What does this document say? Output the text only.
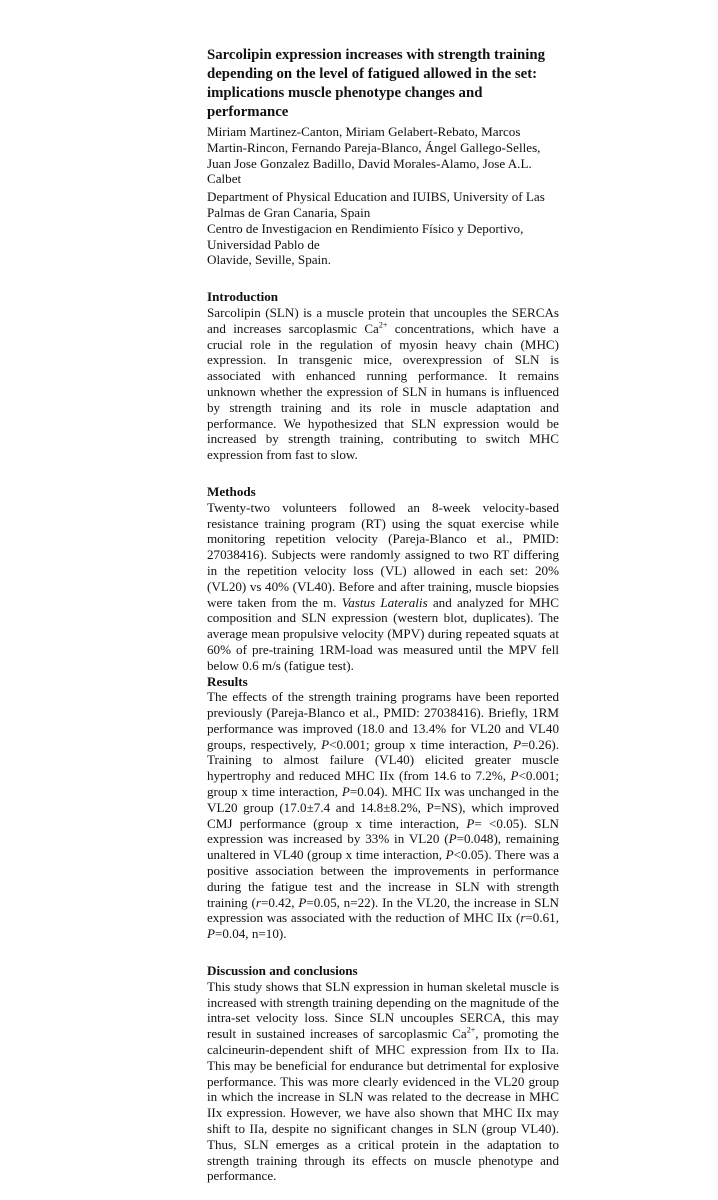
Sarcolipin expression increases with strength training depending on the level of fatigued allowed in the set: implications muscle phenotype changes and performance

Miriam Martinez-Canton, Miriam Gelabert-Rebato, Marcos Martin-Rincon, Fernando Pareja-Blanco, Ángel Gallego-Selles, Juan Jose Gonzalez Badillo, David Morales-Alamo, Jose A.L. Calbet

Department of Physical Education and IUIBS, University of Las Palmas de Gran Canaria, Spain

Centro de Investigacion en Rendimiento Físico y Deportivo, Universidad Pablo de

Olavide, Seville, Spain.

Introduction

Sarcolipin (SLN) is a muscle protein that uncouples the SERCAs and increases sarcoplasmic $Ca^{2+}$ concentrations, which have a crucial role in the regulation of myosin heavy chain (MHC) expression. In transgenic mice, overexpression of SLN is associated with enhanced running performance. It remains unknown whether the expression of SLN in humans is influenced by strength training and its role in muscle adaptation and performance. We hypothesized that SLN expression would be increased by strength training, contributing to switch MHC expression from fast to slow.

Methods

Twenty-two volunteers followed an 8-week velocity-based resistance training program (RT) using the squat exercise while monitoring repetition velocity (Pareja-Blanco et al., PMID: 27038416). Subjects were randomly assigned to two RT differing in the repetition velocity loss (VL) allowed in each set: 20% (VL20) vs 40% (VL40). Before and after training, muscle biopsies were taken from the m. Vastus Lateralis and analyzed for MHC composition and SLN expression (western blot, duplicates). The average mean propulsive velocity (MPV) during repeated squats at 60% of pre-training 1RM-load was measured until the MPV fell below 0.6 m/s (fatigue test).

Results

The effects of the strength training programs have been reported previously (Pareja-Blanco et al., PMID: 27038416). Briefly, 1RM performance was improved (18.0 and 13.4% for VL20 and VL40 groups, respectively, P<0.001; group x time interaction, P=0.26). Training to almost failure (VL40) elicited greater muscle hypertrophy and reduced MHC IIx (from 14.6 to 7.2%, P<0.001; group x time interaction, P=0.04). MHC IIx was unchanged in the VL20 group (17.0±7.4 and 14.8±8.2%, P=NS), which improved CMJ performance (group x time interaction, P= <0.05). SLN expression was increased by 33% in VL20 (P=0.048), remaining unaltered in VL40 (group x time interaction, P<0.05). There was a positive association between the improvements in performance during the fatigue test and the increase in SLN with strength training (r=0.42, P=0.05, n=22). In the VL20, the increase in SLN expression was associated with the reduction of MHC IIx (r=0.61, P=0.04, n=10).

Discussion and conclusions

This study shows that SLN expression in human skeletal muscle is increased with strength training depending on the magnitude of the intra-set velocity loss. Since SLN uncouples SERCA, this may result in sustained increases of sarcoplasmic $Ca^{2+}$, promoting the calcineurin-dependent shift of MHC expression from IIx to IIa. This may be beneficial for endurance but detrimental for explosive performance. This was more clearly evidenced in the VL20 group in which the increase in SLN was related to the decrease in MHC IIx expression. However, we have also shown that MHC IIx may shift to IIa, despite no significant changes in SLN (group VL40). Thus, SLN emerges as a critical protein in the adaptation to strength training through its effects on muscle phenotype and performance.
